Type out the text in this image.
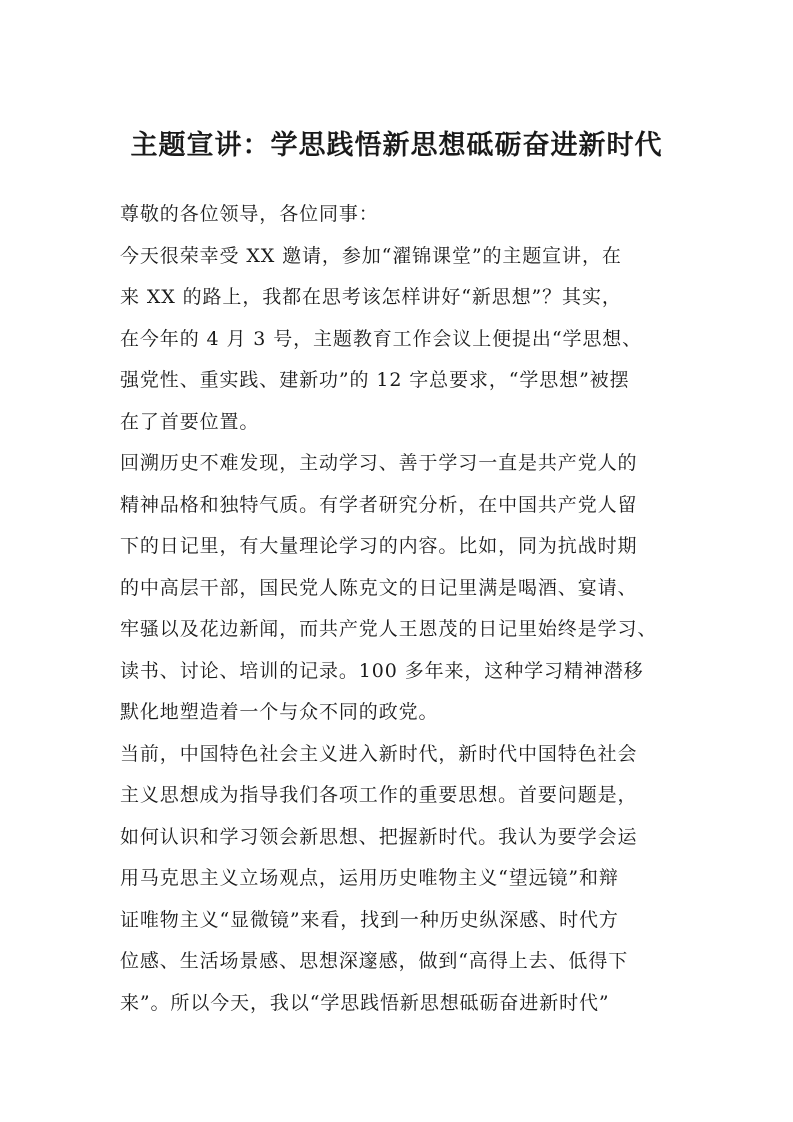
主题宣讲：学思践悟新思想砥砺奋进新时代
尊敬的各位领导，各位同事：
今天很荣幸受 XX 邀请，参加“濯锦课堂”的主题宣讲，在
来 XX 的路上，我都在思考该怎样讲好“新思想”？其实，
在今年的 4 月 3 号，主题教育工作会议上便提出“学思想、
强党性、重实践、建新功”的 12 字总要求，“学思想”被摆
在了首要位置。
回溯历史不难发现，主动学习、善于学习一直是共产党人的
精神品格和独特气质。有学者研究分析，在中国共产党人留
下的日记里，有大量理论学习的内容。比如，同为抗战时期
的中高层干部，国民党人陈克文的日记里满是喝酒、宴请、
牢骚以及花边新闻，而共产党人王恩茂的日记里始终是学习、
读书、讨论、培训的记录。100 多年来，这种学习精神潜移
默化地塑造着一个与众不同的政党。
当前，中国特色社会主义进入新时代，新时代中国特色社会
主义思想成为指导我们各项工作的重要思想。首要问题是，
如何认识和学习领会新思想、把握新时代。我认为要学会运
用马克思主义立场观点，运用历史唯物主义“望远镜”和辩
证唯物主义“显微镜”来看，找到一种历史纵深感、时代方
位感、生活场景感、思想深邃感，做到“高得上去、低得下
来”。所以今天，我以“学思践悟新思想砥砺奋进新时代”
